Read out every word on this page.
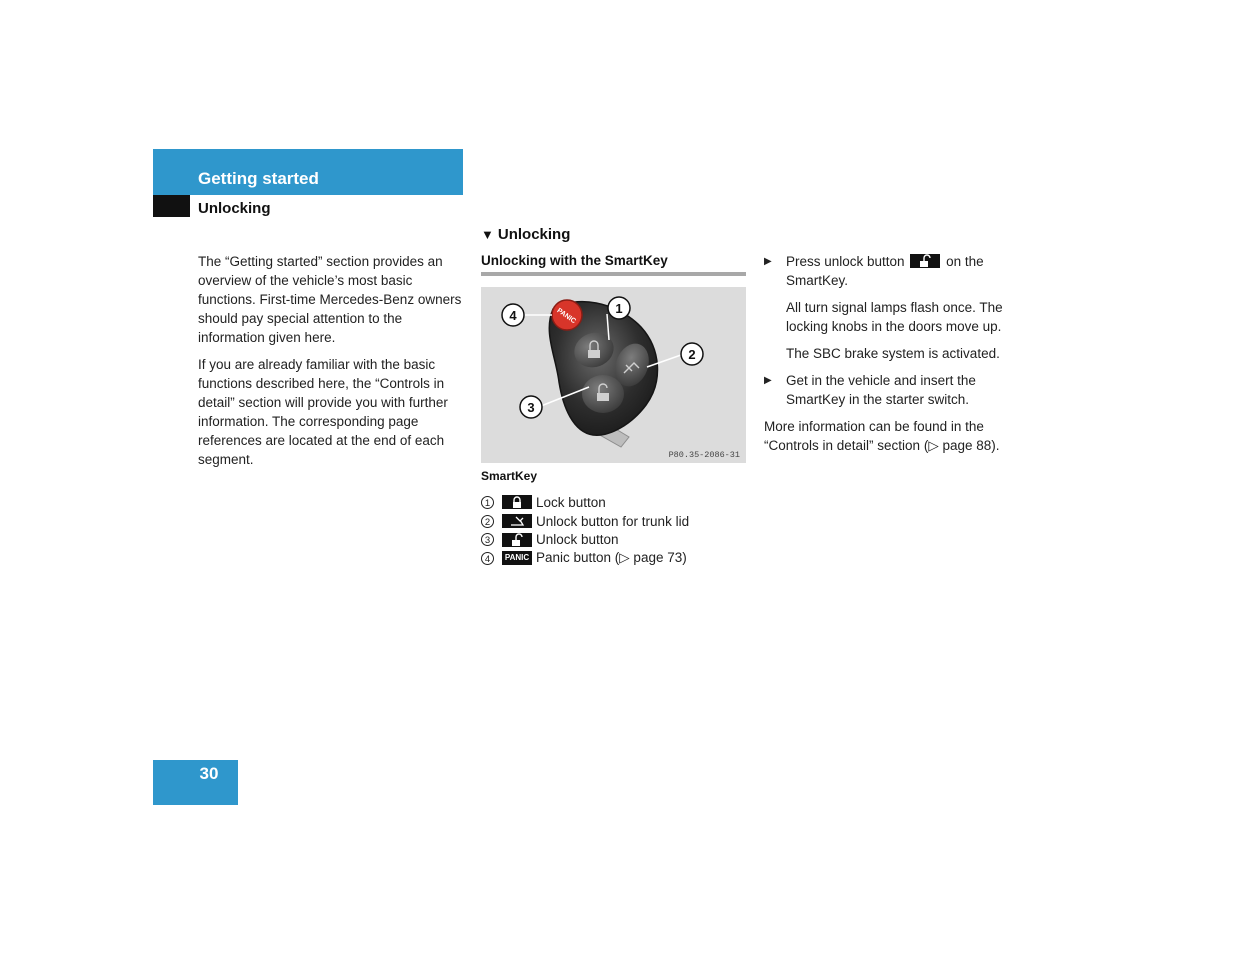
Getting started
Unlocking

The “Getting started” section provides an overview of the vehicle’s most basic functions. First-time Mercedes-Benz owners should pay special attention to the information given here.

If you are already familiar with the basic functions described here, the “Controls in detail” section will provide you with further information. The corresponding page references are located at the end of each segment.

▼ Unlocking
Unlocking with the SmartKey
PANIC	1
2
3
4
P80.35-2086-31
SmartKey
1	Lock button
2	Unlock button for trunk lid
3	Unlock button
4	PANIC Panic button (▷ page 73)
▶ Press unlock button	on the SmartKey.
All turn signal lamps flash once. The locking knobs in the doors move up.
The SBC brake system is activated.
▶ Get in the vehicle and insert the SmartKey in the starter switch.
More information can be found in the “Controls in detail” section (▷ page 88).
30
